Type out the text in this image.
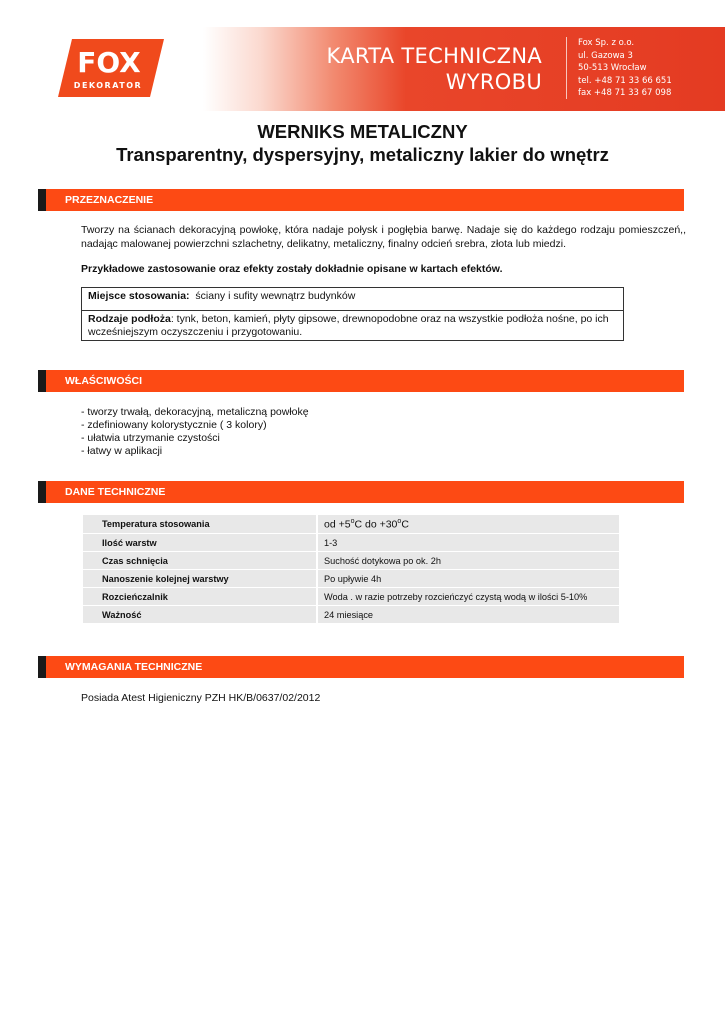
FOX
DEKORATOR
KARTA TECHNICZNA
WYROBU
Fox Sp. z o.o.
ul. Gazowa 3
50-513 Wrocław
tel. +48 71 33 66 651
fax +48 71 33 67 098
WERNIKS METALICZNY
Transparentny, dyspersyjny, metaliczny lakier do wnętrz
PRZEZNACZENIE
Tworzy na ścianach dekoracyjną powłokę, która nadaje połysk i pogłębia barwę. Nadaje się do każdego rodzaju pomieszczeń,, nadając malowanej powierzchni szlachetny, delikatny, metaliczny, finalny odcień srebra, złota lub miedzi.
Przykładowe zastosowanie oraz efekty zostały dokładnie opisane w kartach efektów.
Miejsce stosowania: ściany i sufity wewnątrz budynków
Rodzaje podłoża: tynk, beton, kamień, płyty gipsowe, drewnopodobne oraz na wszystkie podłoża nośne, po ich wcześniejszym oczyszczeniu i przygotowaniu.
WŁAŚCIWOŚCI
- tworzy trwałą, dekoracyjną, metaliczną powłokę
- zdefiniowany kolorystycznie ( 3 kolory)
- ułatwia utrzymanie czystości
- łatwy w aplikacji
DANE TECHNICZNE
Temperatura stosowania	od $+5^oC$ do $+30^oC$
Ilość warstw	1-3
Czas schnięcia	Suchość dotykowa po ok. 2h
Nanoszenie kolejnej warstwy	Po upływie 4h
Rozcieńczalnik	Woda . w razie potrzeby rozcieńczyć czystą wodą w ilości 5-10%
Ważność	24 miesiące
WYMAGANIA TECHNICZNE
Posiada Atest Higieniczny PZH HK/B/0637/02/2012
